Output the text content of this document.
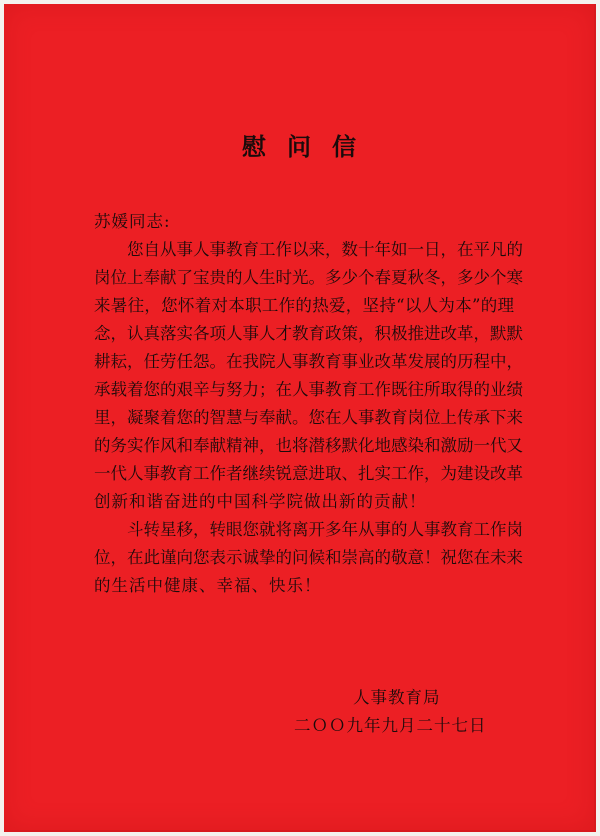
慰问信
苏媛同志:
您自从事人事教育工作以来，数十年如一日，在平凡的
岗位上奉献了宝贵的人生时光。多少个春夏秋冬，多少个寒
来暑往，您怀着对本职工作的热爱，坚持“以人为本”的理
念，认真落实各项人事人才教育政策，积极推进改革，默默
耕耘，任劳任怨。在我院人事教育事业改革发展的历程中，
承载着您的艰辛与努力；在人事教育工作既往所取得的业绩
里，凝聚着您的智慧与奉献。您在人事教育岗位上传承下来
的务实作风和奉献精神，也将潜移默化地感染和激励一代又
一代人事教育工作者继续锐意进取、扎实工作，为建设改革
创新和谐奋进的中国科学院做出新的贡献！
斗转星移，转眼您就将离开多年从事的人事教育工作岗
位，在此谨向您表示诚挚的问候和崇高的敬意！祝您在未来
的生活中健康、幸福、快乐！
人事教育局
二ＯＯ九年九月二十七日
